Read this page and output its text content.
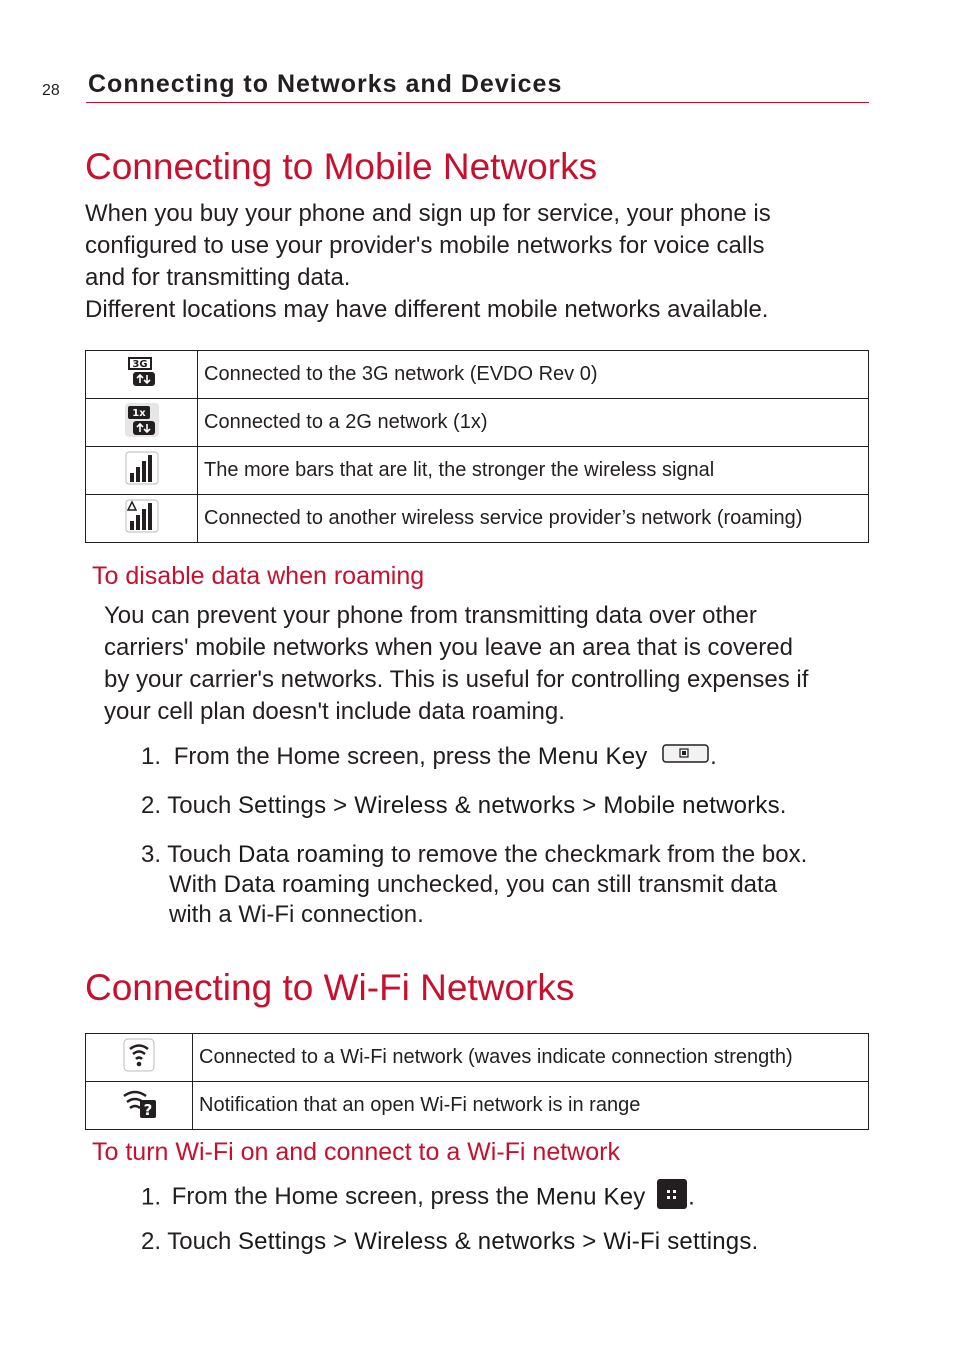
28 Connecting to Networks and Devices
Connecting to Mobile Networks

When you buy your phone and sign up for service, your phone is

configured to use your provider's mobile networks for voice calls

and for transmitting data.

Different locations may have different mobile networks available.

3G	Connected to the 3G network (EVDO Rev 0)

1x	Connected to a 2G network (1x)
	The more bars that are lit, the stronger the wireless signal
	Connected to another wireless service provider’s network (roaming)
To disable data when roaming

You can prevent your phone from transmitting data over other

carriers' mobile networks when you leave an area that is covered

by your carrier's networks. This is useful for controlling expenses if

your cell plan doesn't include data roaming.

1. From the Home screen, press the Menu Key	.
2. Touch Settings > Wireless & networks > Mobile networks.
3. Touch Data roaming to remove the checkmark from the box.
With Data roaming unchecked, you can still transmit data
with a Wi-Fi connection.
Connecting to Wi-Fi Networks
	Connected to a Wi-Fi network (waves indicate connection strength)

?	Notification that an open Wi-Fi network is in range
To turn Wi-Fi on and connect to a Wi-Fi network
1. From the Home screen, press the Menu Key .
2. Touch Settings > Wireless & networks > Wi-Fi settings.
